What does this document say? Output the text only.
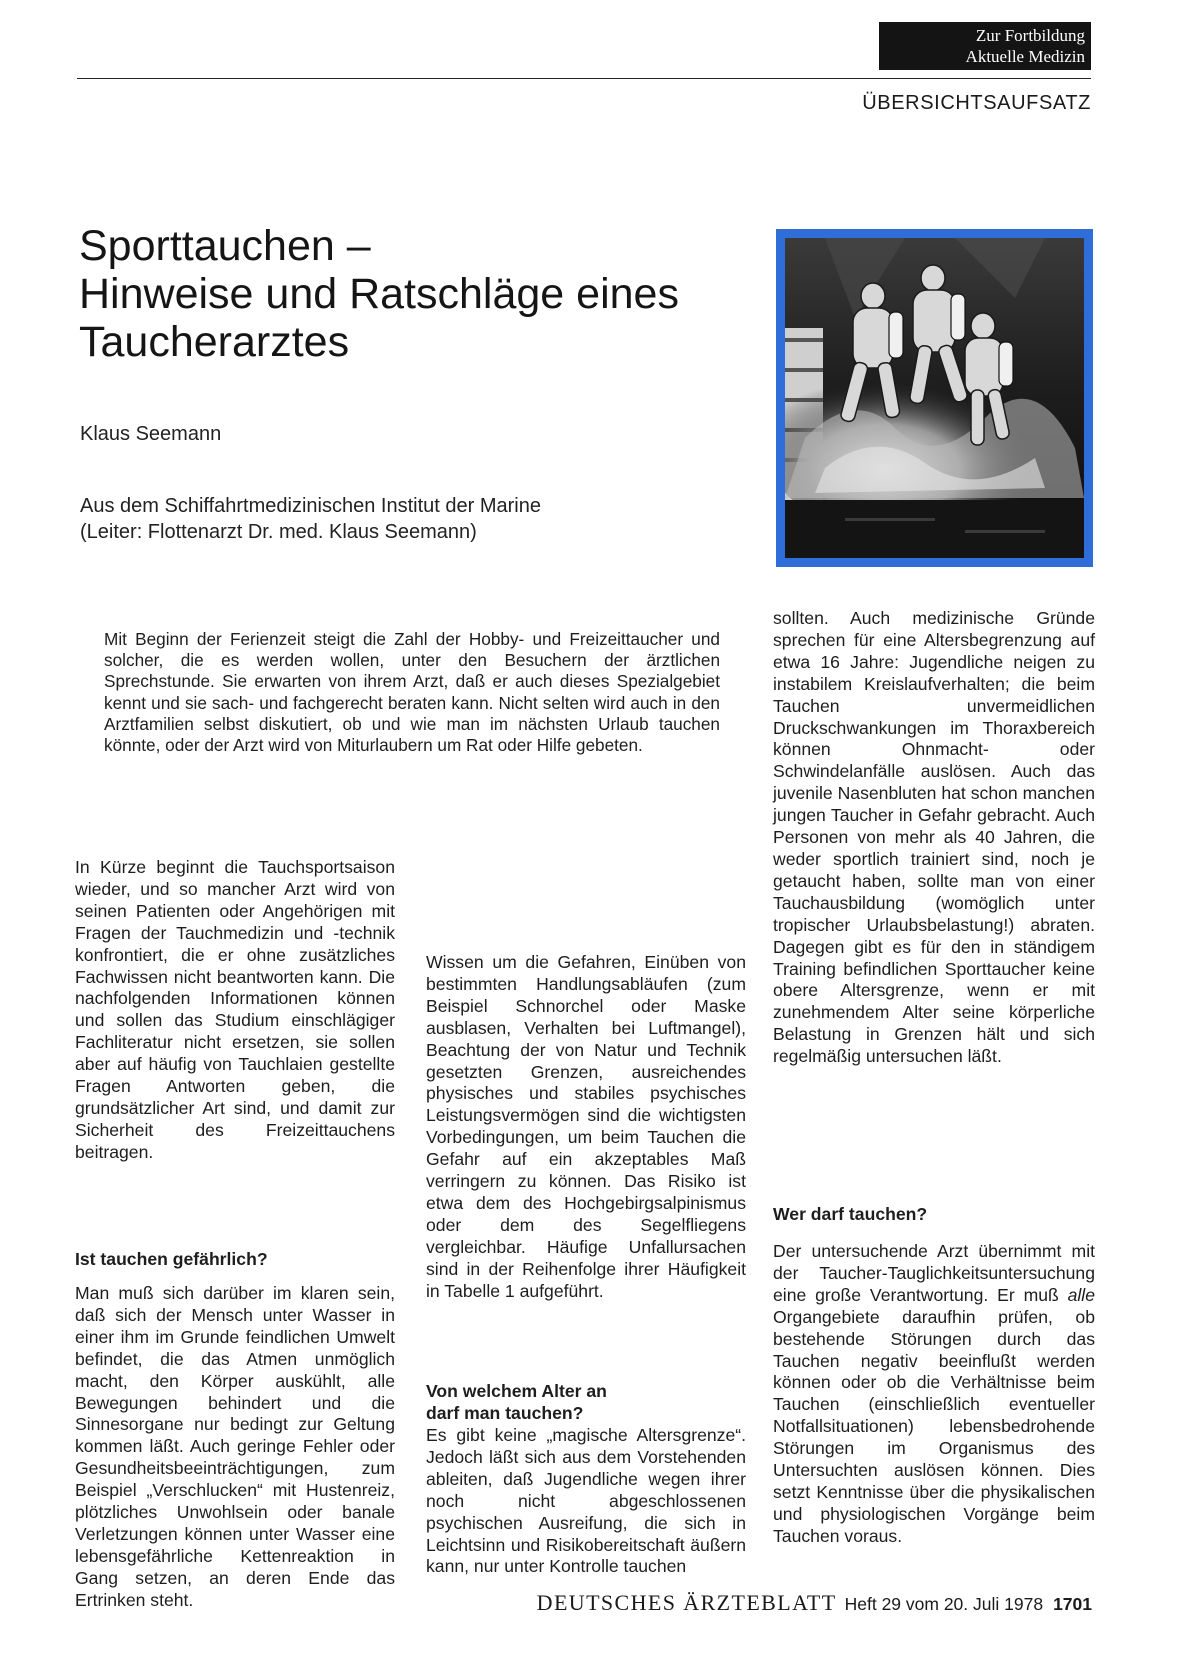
Zur Fortbildung
Aktuelle Medizin
ÜBERSICHTSAUFSATZ
Sporttauchen –
Hinweise und Ratschläge eines
Taucherarztes
Klaus Seemann
Aus dem Schiffahrtmedizinischen Institut der Marine
(Leiter: Flottenarzt Dr. med. Klaus Seemann)
Mit Beginn der Ferienzeit steigt die Zahl der Hobby- und Freizeittaucher und solcher, die es werden wollen, unter den Besuchern der ärztlichen Sprechstunde. Sie erwarten von ihrem Arzt, daß er auch dieses Spezialgebiet kennt und sie sach- und fachgerecht beraten kann. Nicht selten wird auch in den Arztfamilien selbst diskutiert, ob und wie man im nächsten Urlaub tauchen könnte, oder der Arzt wird von Miturlaubern um Rat oder Hilfe gebeten.
In Kürze beginnt die Tauchsportsaison wieder, und so mancher Arzt wird von seinen Patienten oder Angehörigen mit Fragen der Tauchmedizin und -technik konfrontiert, die er ohne zusätzliches Fachwissen nicht beantworten kann. Die nachfolgenden Informationen können und sollen das Studium einschlägiger Fachliteratur nicht ersetzen, sie sollen aber auf häufig von Tauchlaien gestellte Fragen Antworten geben, die grundsätzlicher Art sind, und damit zur Sicherheit des Freizeittauchens beitragen.
Ist tauchen gefährlich?
Man muß sich darüber im klaren sein, daß sich der Mensch unter Wasser in einer ihm im Grunde feindlichen Umwelt befindet, die das Atmen unmöglich macht, den Körper auskühlt, alle Bewegungen behindert und die Sinnesorgane nur bedingt zur Geltung kommen läßt. Auch geringe Fehler oder Gesundheitsbeeinträchtigungen, zum Beispiel „Verschlucken“ mit Hustenreiz, plötzliches Unwohlsein oder banale Verletzungen können unter Wasser eine lebensgefährliche Kettenreaktion in Gang setzen, an deren Ende das Ertrinken steht.
sollten. Auch medizinische Gründe sprechen für eine Altersbegrenzung auf etwa 16 Jahre: Jugendliche neigen zu instabilem Kreislaufverhalten; die beim Tauchen unvermeidlichen Druckschwankungen im Thoraxbereich können Ohnmacht- oder Schwindelanfälle auslösen. Auch das juvenile Nasenbluten hat schon manchen jungen Taucher in Gefahr gebracht. Auch Personen von mehr als 40 Jahren, die weder sportlich trainiert sind, noch je getaucht haben, sollte man von einer Tauchausbildung (womöglich unter tropischer Urlaubsbelastung!) abraten. Dagegen gibt es für den in ständigem Training befindlichen Sporttaucher keine obere Altersgrenze, wenn er mit zunehmendem Alter seine körperliche Belastung in Grenzen hält und sich regelmäßig untersuchen läßt.
Wer darf tauchen?
Der untersuchende Arzt übernimmt mit der Taucher-Tauglichkeitsuntersuchung eine große Verantwortung. Er muß alle Organgebiete daraufhin prüfen, ob bestehende Störungen durch das Tauchen negativ beeinflußt werden können oder ob die Verhältnisse beim Tauchen (einschließlich eventueller Notfallsituationen) lebensbedrohende Störungen im Organismus des Untersuchten auslösen können. Dies setzt Kenntnisse über die physikalischen und physiologischen Vorgänge beim Tauchen voraus.
Wissen um die Gefahren, Einüben von bestimmten Handlungsabläufen (zum Beispiel Schnorchel oder Maske ausblasen, Verhalten bei Luftmangel), Beachtung der von Natur und Technik gesetzten Grenzen, ausreichendes physisches und stabiles psychisches Leistungsvermögen sind die wichtigsten Vorbedingungen, um beim Tauchen die Gefahr auf ein akzeptables Maß verringern zu können. Das Risiko ist etwa dem des Hochgebirgsalpinismus oder dem des Segelfliegens vergleichbar. Häufige Unfallursachen sind in der Reihenfolge ihrer Häufigkeit in Tabelle 1 aufgeführt.
Von welchem Alter an
darf man tauchen?
DEUTSCHES ÄRZTEBLATT Heft 29 vom 20. Juli 1978 1701
Es gibt keine „magische Altersgrenze“. Jedoch läßt sich aus dem Vorstehenden ableiten, daß Jugendliche wegen ihrer noch nicht abgeschlossenen psychischen Ausreifung, die sich in Leichtsinn und Risikobereitschaft äußern kann, nur unter Kontrolle tauchen
